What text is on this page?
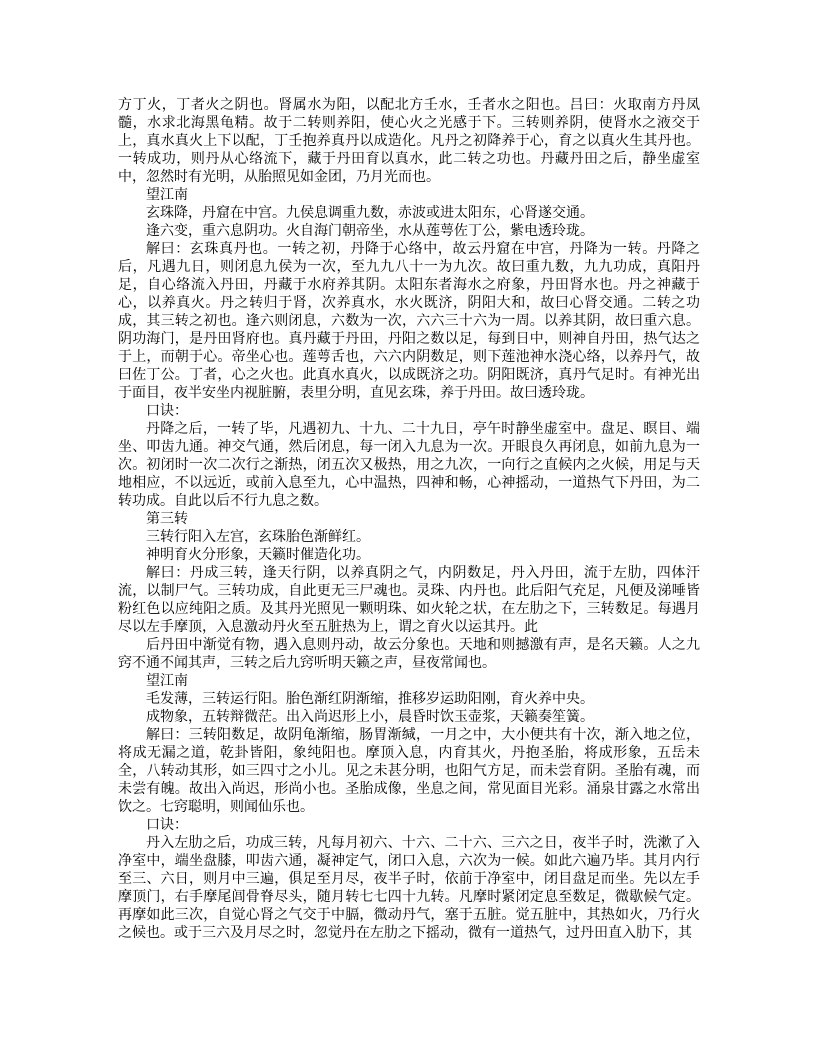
方丁火，丁者火之阴也。肾属水为阳，以配北方壬水，壬者水之阳也。吕曰：火取南方丹凤髓，水求北海黑龟精。故于二转则养阳，使心火之光感于下。三转则养阴，使肾水之液交于上，真水真火上下以配，丁壬抱养真丹以成造化。凡丹之初降养于心，育之以真火生其丹也。一转成功，则丹从心络流下，藏于丹田育以真水，此二转之功也。丹藏丹田之后，静坐虚室中，忽然时有光明，从胎照见如金团，乃月光而也。

望江南

玄珠降，丹窟在中宫。九侯息调重九数，赤波或进太阳东，心肾遂交通。

逢六变，重六息阴功。火自海门朝帝坐，水从莲萼佐丁公，紫电透玲珑。

解曰：玄珠真丹也。一转之初，丹降于心络中，故云丹窟在中宫，丹降为一转。丹降之后，凡遇九日，则闭息九侯为一次，至九九八十一为九次。故曰重九数，九九功成，真阳丹足，自心络流入丹田，丹藏于水府养其阴。太阳东者海水之府象，丹田肾水也。丹之神藏于心，以养真火。丹之转归于肾，次养真水，水火既济，阴阳大和，故曰心肾交通。二转之功成，其三转之初也。逢六则闭息，六数为一次，六六三十六为一周。以养其阴，故曰重六息。阴功海门，是丹田肾府也。真丹藏于丹田，丹阳之数以足，每到日中，则神自丹田，热气达之于上，而朝于心。帝坐心也。莲萼舌也，六六内阴数足，则下莲池神水浇心络，以养丹气，故曰佐丁公。丁者，心之火也。此真水真火，以成既济之功。阴阳既济，真丹气足时。有神光出于面目，夜半安坐内视脏腑，表里分明，直见玄珠，养于丹田。故曰透玲珑。

口诀：

丹降之后，一转了毕，凡遇初九、十九、二十九日，亭午时静坐虚室中。盘足、瞑目、端坐、叩齿九通。神交气通，然后闭息，每一闭入九息为一次。开眼良久再闭息，如前九息为一次。初闭时一次二次行之渐热，闭五次又极热，用之九次，一向行之直候内之火候，用足与天地相应，不以远近，或前入息至九，心中温热，四神和畅，心神摇动，一道热气下丹田，为二转功成。自此以后不行九息之数。

第三转

三转行阳入左宫，玄珠胎色渐鲜红。

神明育火分形象，天籁时催造化功。

解曰：丹成三转，逢天行阴，以养真阴之气，内阴数足，丹入丹田，流于左肋，四体汗流，以制尸气。三转功成，自此更无三尸魂也。灵珠、内丹也。此后阳气充足，凡便及涕唾皆粉红色以应纯阳之质。及其丹光照见一颗明珠、如火轮之状，在左肋之下，三转数足。每遇月尽以左手摩顶，入息激动丹火至五脏热为上，谓之育火以运其丹。此

后丹田中渐觉有物，遇入息则丹动，故云分象也。天地和则撼激有声，是名天籁。人之九窍不通不闻其声，三转之后九窍听明天籁之声，昼夜常闻也。

望江南

毛发薄，三转运行阳。胎色渐红阴渐缩，推移岁运助阳刚，育火养中央。

成物象，五转辩微茫。出入尚迟形上小，晨昏时饮玉壶浆，天籁奏笙簧。

解曰：三转阳数足，故阴龟渐缩，肠胃渐缄，一月之中，大小便共有十次，渐入地之位，将成无漏之道，乾卦皆阳，象纯阳也。摩顶入息，内育其火，丹抱圣胎，将成形象，五岳未全，八转动其形，如三四寸之小儿。见之未甚分明，也阳气方足，而未尝育阴。圣胎有魂，而未尝有魄。故出入尚迟，形尚小也。圣胎成像，坐息之间，常见面目光彩。涌泉甘露之水常出饮之。七窍聪明，则闻仙乐也。

口诀：

丹入左肋之后，功成三转，凡每月初六、十六、二十六、三六之日，夜半子时，洗漱了入净室中，端坐盘膝，叩齿六通，凝神定气，闭口入息，六次为一候。如此六遍乃毕。其月内行至三、六日，则月中三遍，俱足至月尽，夜半子时，依前于净室中，闭目盘足而坐。先以左手摩顶门，右手摩尾闾骨脊尽头，随月转七七四十九转。凡摩时紧闭定息至数足，微歇候气定。再摩如此三次，自觉心肾之气交于中膈，微动丹气，塞于五脏。觉五脏中，其热如火，乃行火之候也。或于三六及月尽之时，忽觉丹在左肋之下摇动，微有一道热气，过丹田直入肋下，其
